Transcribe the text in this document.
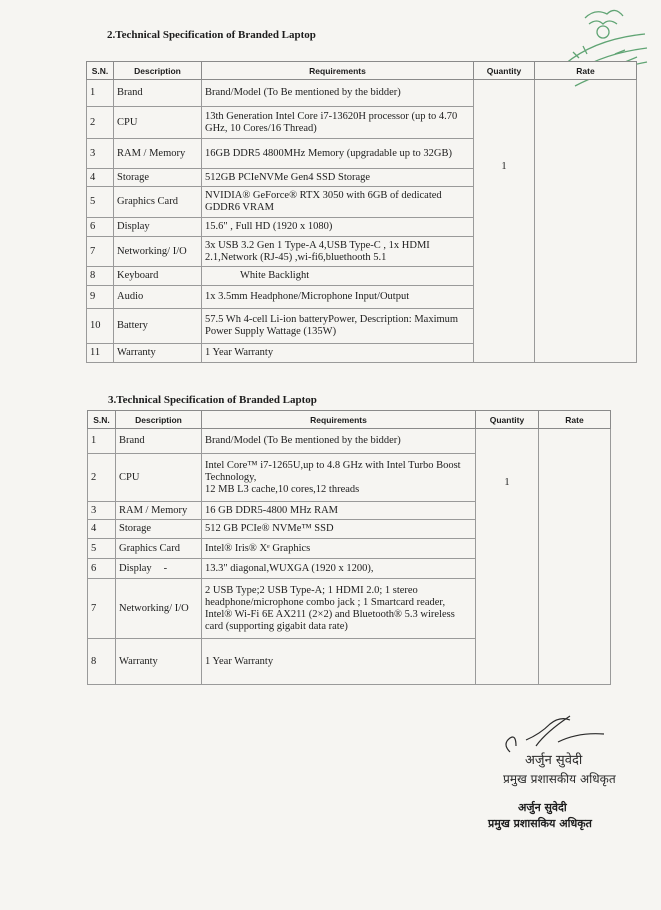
2.Technical Specification of Branded Laptop
S.N.	Description	Requirements	Quantity	Rate
1	Brand	Brand/Model (To Be mentioned by the bidder)	1	

2	CPU	13th Generation Intel Core i7-13620H processor (up to 4.70 GHz, 10 Cores/16 Thread)		
3	RAM / Memory	16GB DDR5 4800MHz Memory (upgradable up to 32GB)		
4	Storage	512GB PCIeNVMe Gen4 SSD Storage		
5	Graphics Card	NVIDIA® GeForce® RTX 3050 with 6GB of dedicated GDDR6 VRAM		
6	Display	15.6" , Full HD (1920 x 1080)		
7	Networking/ I/O	3x USB 3.2 Gen 1 Type-A 4,USB Type-C , 1x HDMI 2.1,Network (RJ-45) ,wi-fi6,bluethooth 5.1		
8	Keyboard	White Backlight		
9	Audio	1x 3.5mm Headphone/Microphone Input/Output		
10	Battery	57.5 Wh 4-cell Li-ion batteryPower, Description: Maximum Power Supply Wattage (135W)		
11	Warranty	1 Year Warranty		
3.Technical Specification of Branded Laptop
S.N.	Description	Requirements	Quantity	Rate
1	Brand	Brand/Model (To Be mentioned by the bidder)	1	

2	CPU	Intel Core™ i7-1265U,up to 4.8 GHz with Intel Turbo Boost Technology,
12 MB L3 cache,10 cores,12 threads		

3	RAM / Memory	16 GB DDR5-4800 MHz RAM		
4	Storage	512 GB PCIe® NVMe™ SSD		
5	Graphics Card	Intel® Iris® Xᵉ Graphics		
6	Display -	13.3" diagonal,WUXGA (1920 x 1200),		
7	Networking/ I/O	2 USB Type;2 USB Type-A; 1 HDMI 2.0; 1 stereo headphone/microphone combo jack ; 1 Smartcard reader, Intel® Wi-Fi 6E AX211 (2×2) and Bluetooth® 5.3 wireless card (supporting gigabit data rate)		
8	Warranty	1 Year Warranty		
अर्जुन सुवेदी
प्रमुख प्रशासकीय अधिकृत
अर्जुन सुवेदी
प्रमुख प्रशासकिय अधिकृत
